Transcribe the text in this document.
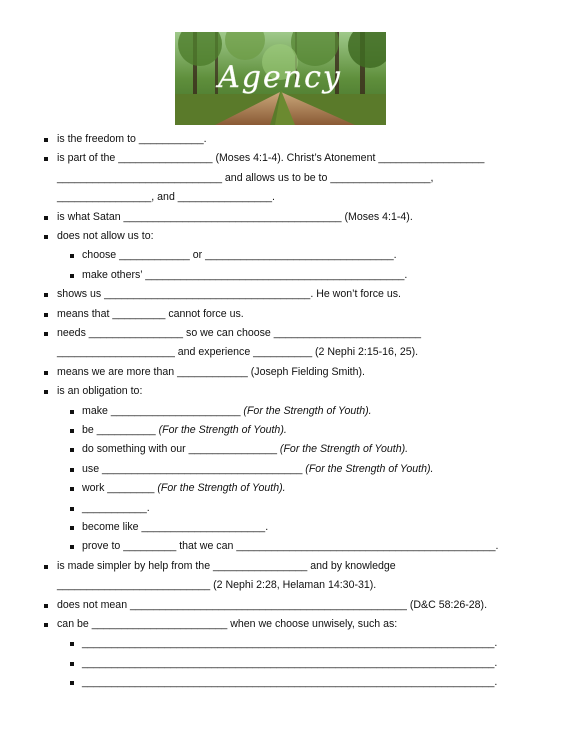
Agency
is the freedom to ___________.
is part of the ________________ (Moses 4:1-4). Christ’s Atonement __________________
____________________________ and allows us to be to _________________,
________________, and ________________.
is what Satan _____________________________________ (Moses 4:1-4).
does not allow us to:
choose ____________ or ________________________________.
make others’ ____________________________________________.
shows us ___________________________________. He won’t force us.
means that _________ cannot force us.
needs ________________ so we can choose _________________________
____________________ and experience __________ (2 Nephi 2:15-16, 25).
means we are more than ____________ (Joseph Fielding Smith).
is an obligation to:
make ______________________ (For the Strength of Youth).
be __________ (For the Strength of Youth).
do something with our _______________ (For the Strength of Youth).
use __________________________________ (For the Strength of Youth).
work ________ (For the Strength of Youth).
___________.
become like _____________________.
prove to _________ that we can ____________________________________________.
is made simpler by help from the ________________ and by knowledge
__________________________ (2 Nephi 2:28, Helaman 14:30-31).
does not mean _______________________________________________ (D&C 58:26-28).
can be _______________________ when we choose unwisely, such as:
______________________________________________________________________.
______________________________________________________________________.
______________________________________________________________________.
